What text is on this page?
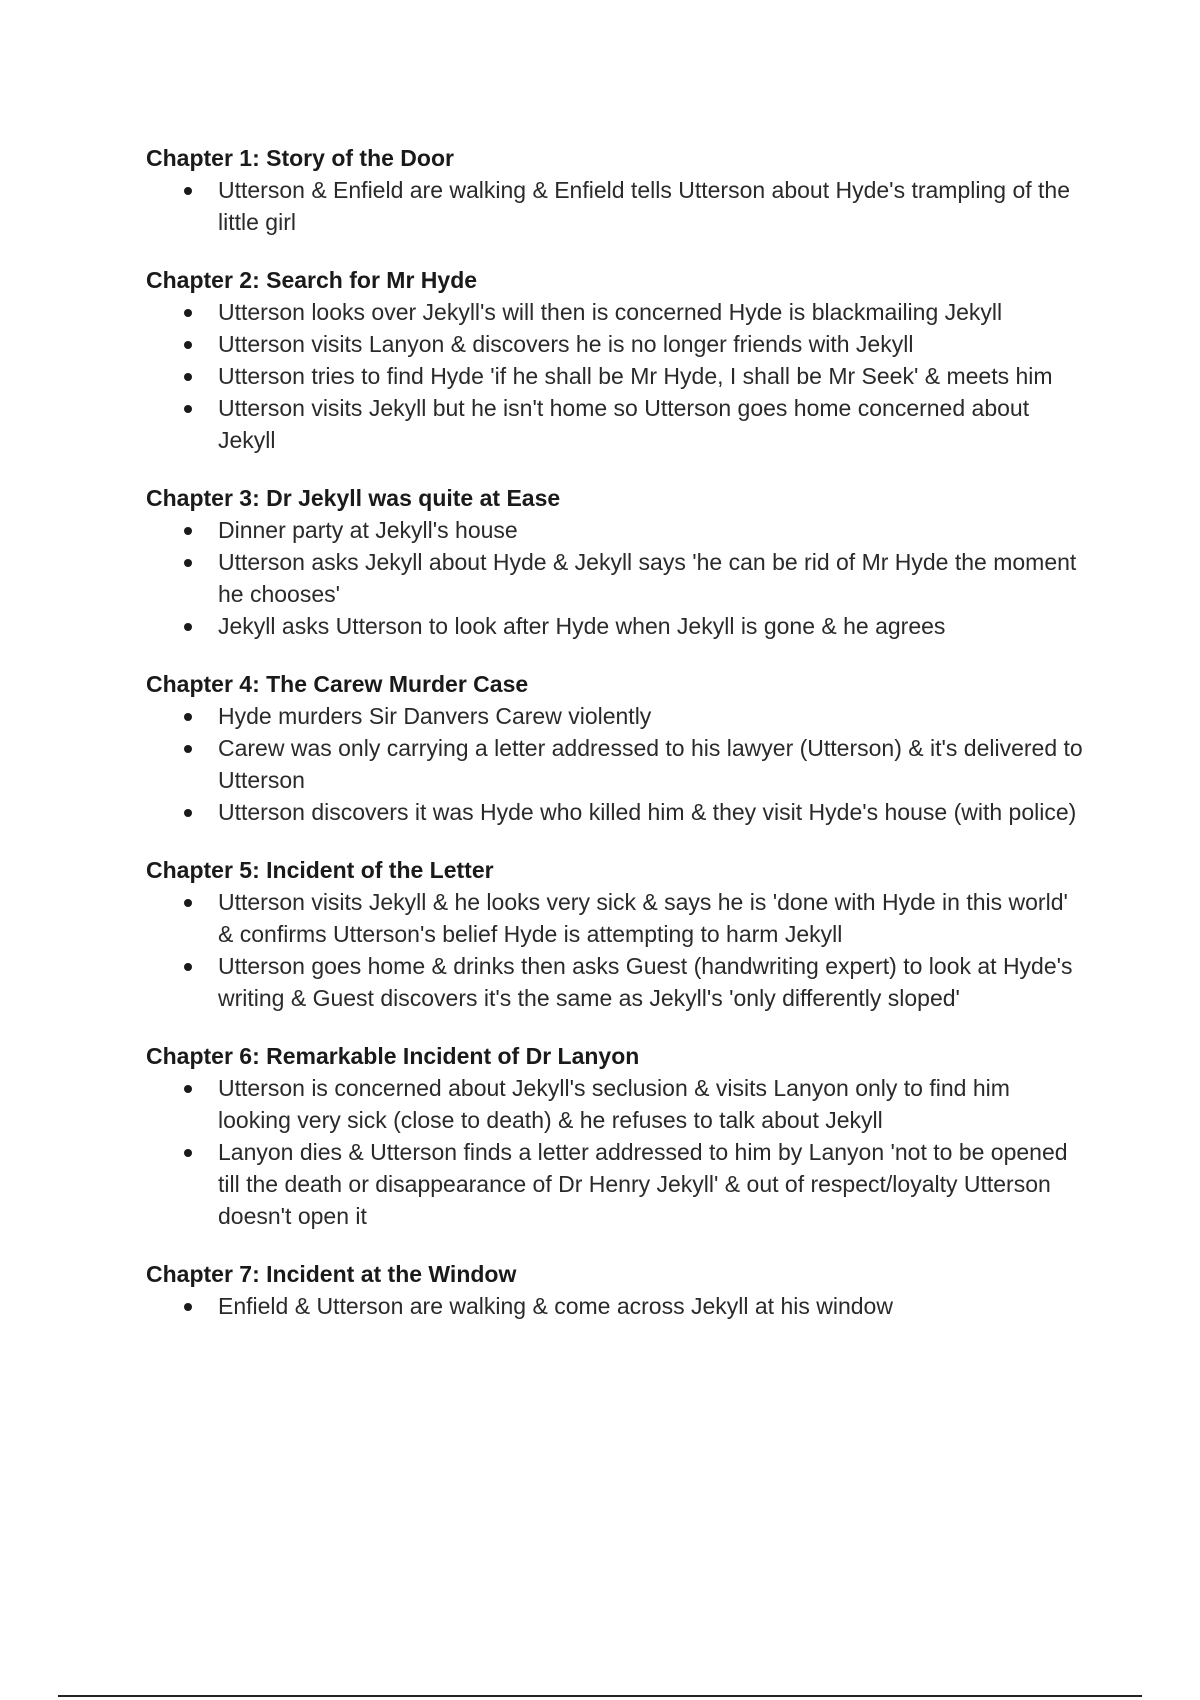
Chapter 1: Story of the Door
Utterson & Enfield are walking & Enfield tells Utterson about Hyde's trampling of the little girl
Chapter 2: Search for Mr Hyde
Utterson looks over Jekyll's will then is concerned Hyde is blackmailing Jekyll
Utterson visits Lanyon & discovers he is no longer friends with Jekyll
Utterson tries to find Hyde 'if he shall be Mr Hyde, I shall be Mr Seek' & meets him
Utterson visits Jekyll but he isn't home so Utterson goes home concerned about Jekyll
Chapter 3: Dr Jekyll was quite at Ease
Dinner party at Jekyll's house
Utterson asks Jekyll about Hyde & Jekyll says 'he can be rid of Mr Hyde the moment he chooses'
Jekyll asks Utterson to look after Hyde when Jekyll is gone & he agrees
Chapter 4: The Carew Murder Case
Hyde murders Sir Danvers Carew violently
Carew was only carrying a letter addressed to his lawyer (Utterson) & it's delivered to Utterson
Utterson discovers it was Hyde who killed him & they visit Hyde's house (with police)
Chapter 5: Incident of the Letter
Utterson visits Jekyll & he looks very sick & says he is 'done with Hyde in this world' & confirms Utterson's belief Hyde is attempting to harm Jekyll
Utterson goes home & drinks then asks Guest (handwriting expert) to look at Hyde's writing & Guest discovers it's the same as Jekyll's 'only differently sloped'
Chapter 6: Remarkable Incident of Dr Lanyon
Utterson is concerned about Jekyll's seclusion & visits Lanyon only to find him looking very sick (close to death) & he refuses to talk about Jekyll
Lanyon dies & Utterson finds a letter addressed to him by Lanyon 'not to be opened till the death or disappearance of Dr Henry Jekyll' & out of respect/loyalty Utterson doesn't open it
Chapter 7: Incident at the Window
Enfield & Utterson are walking & come across Jekyll at his window
